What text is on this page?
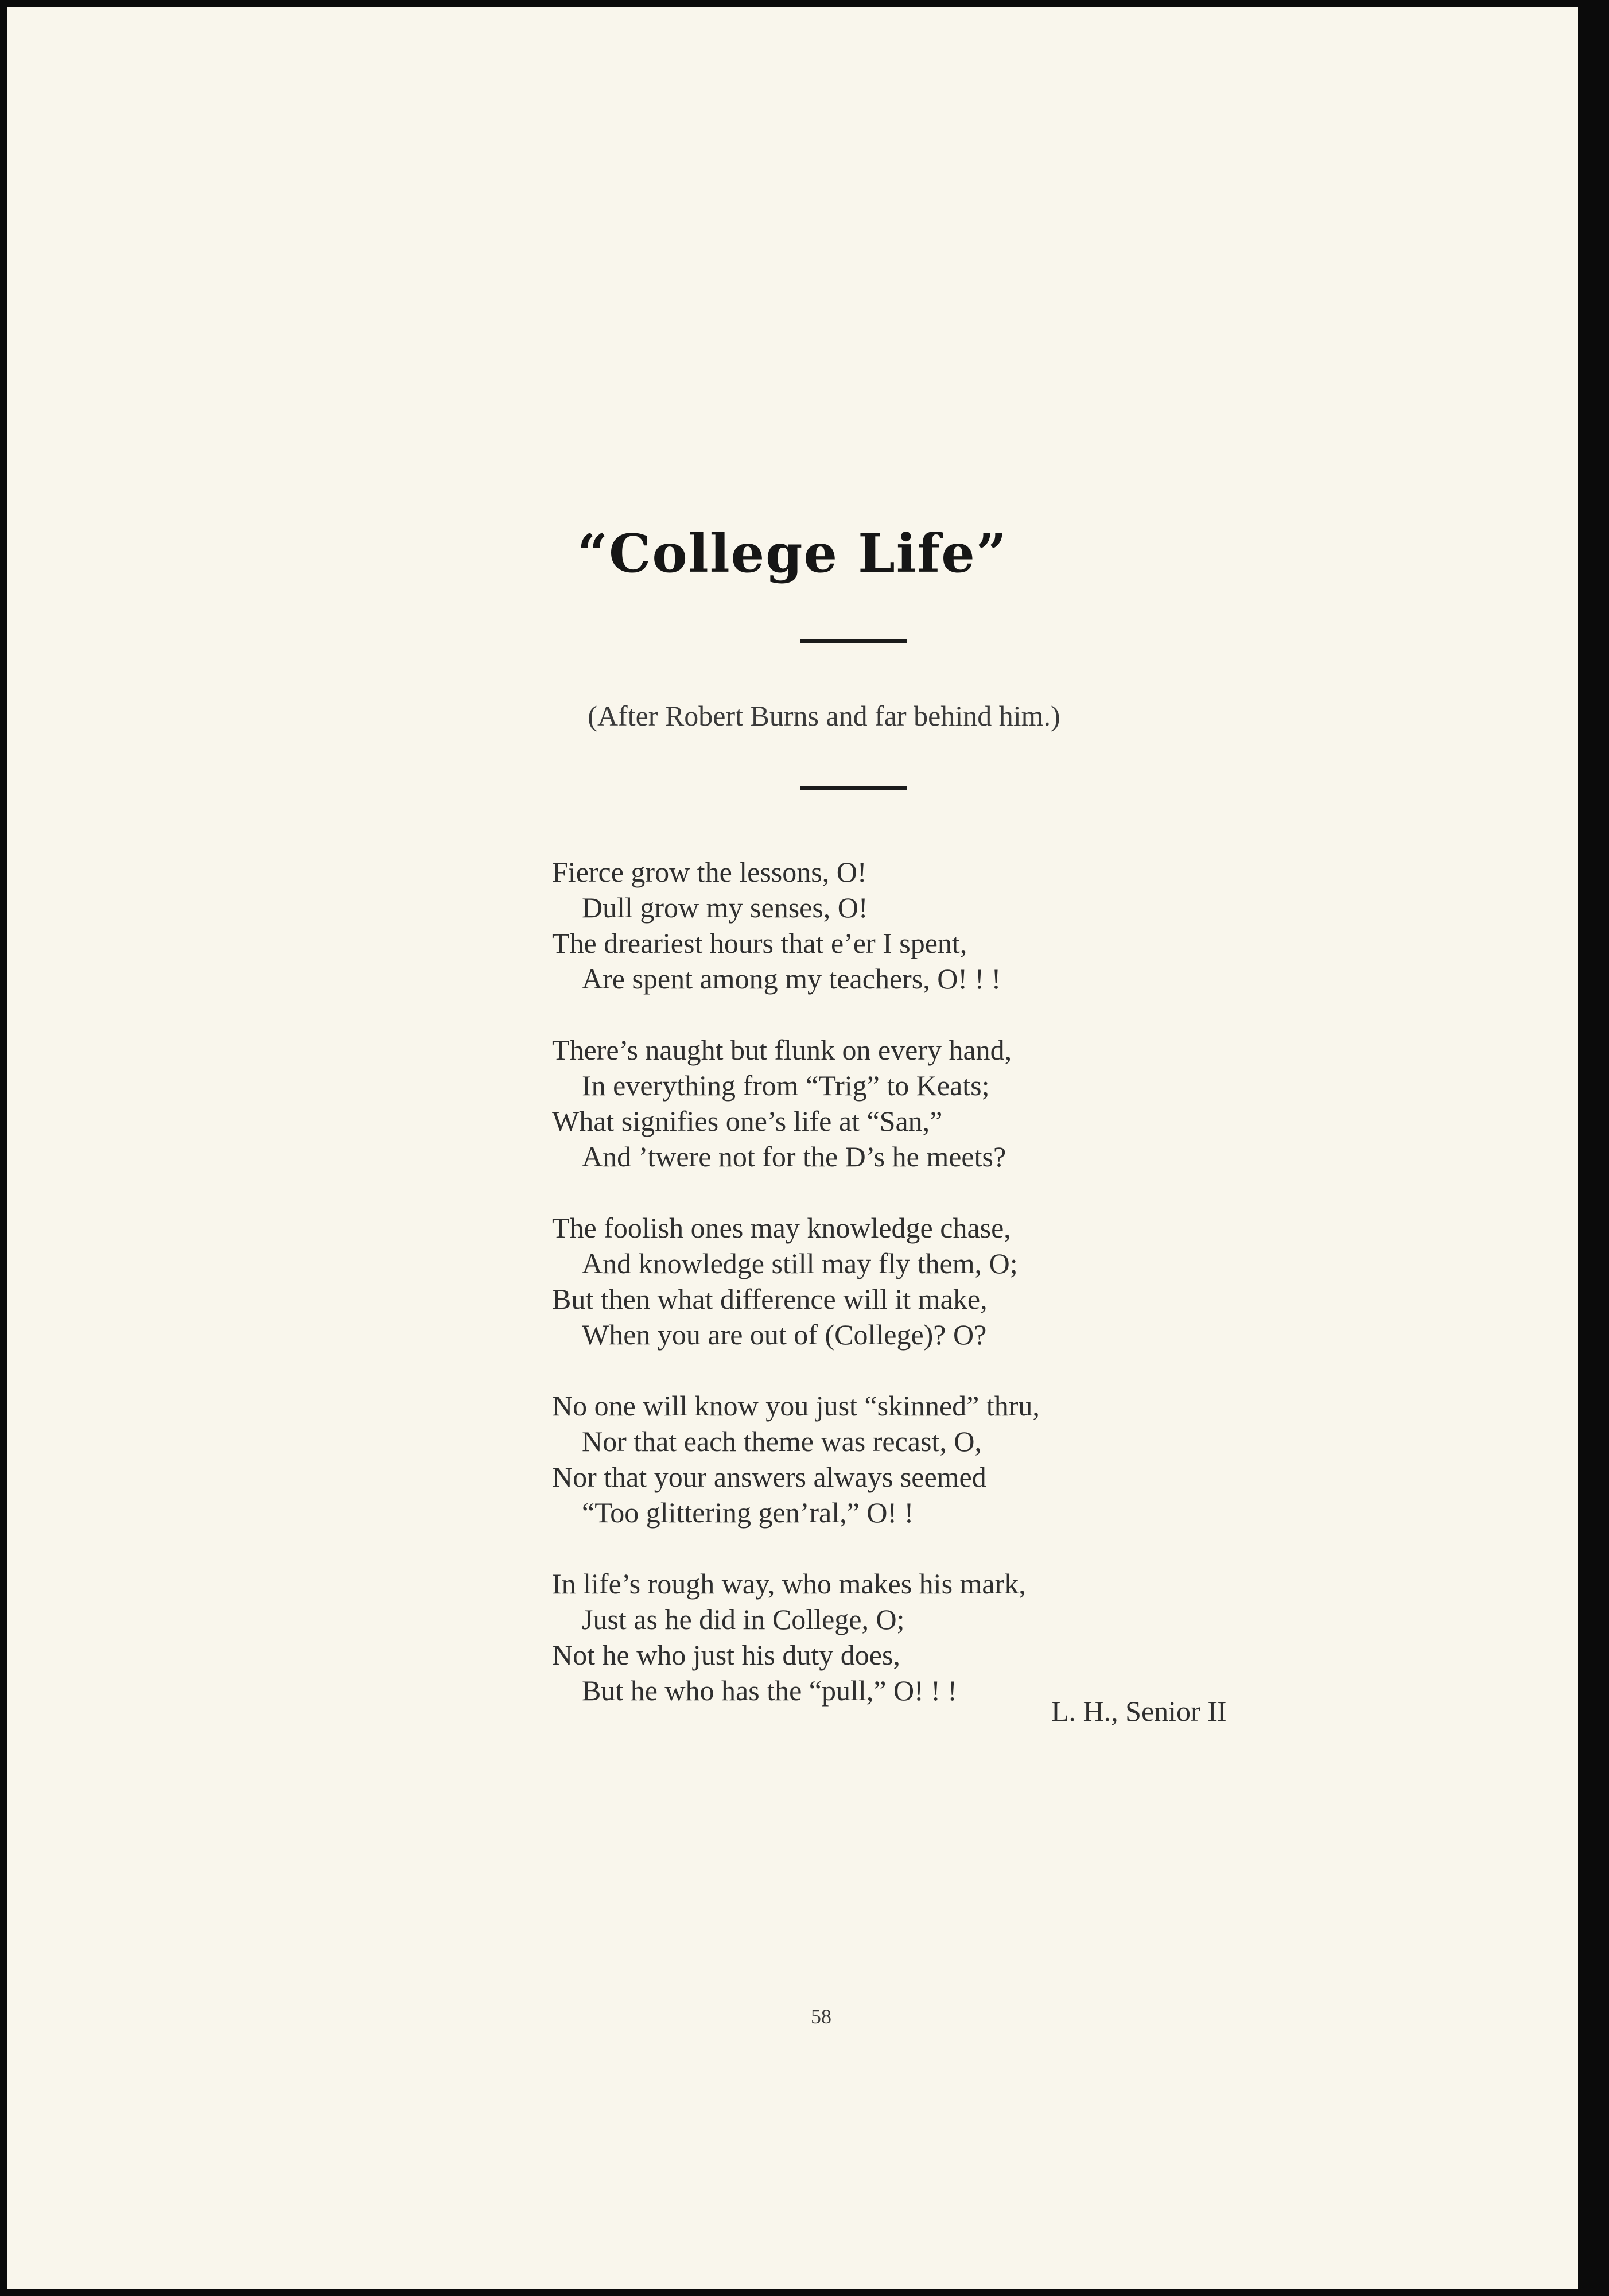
“College Life”
(After Robert Burns and far behind him.)
Fierce grow the lessons, O!
Dull grow my senses, O!
The dreariest hours that e’er I spent,
Are spent among my teachers, O! ! !
There’s naught but flunk on every hand,
In everything from “Trig” to Keats;
What signifies one’s life at “San,”
And ’twere not for the D’s he meets?
The foolish ones may knowledge chase,
And knowledge still may fly them, O;
But then what difference will it make,
When you are out of (College)? O?
No one will know you just “skinned” thru,
Nor that each theme was recast, O,
Nor that your answers always seemed
“Too glittering gen’ral,” O! !
In life’s rough way, who makes his mark,
Just as he did in College, O;
Not he who just his duty does,
But he who has the “pull,” O! ! !
L. H., Senior II
58
